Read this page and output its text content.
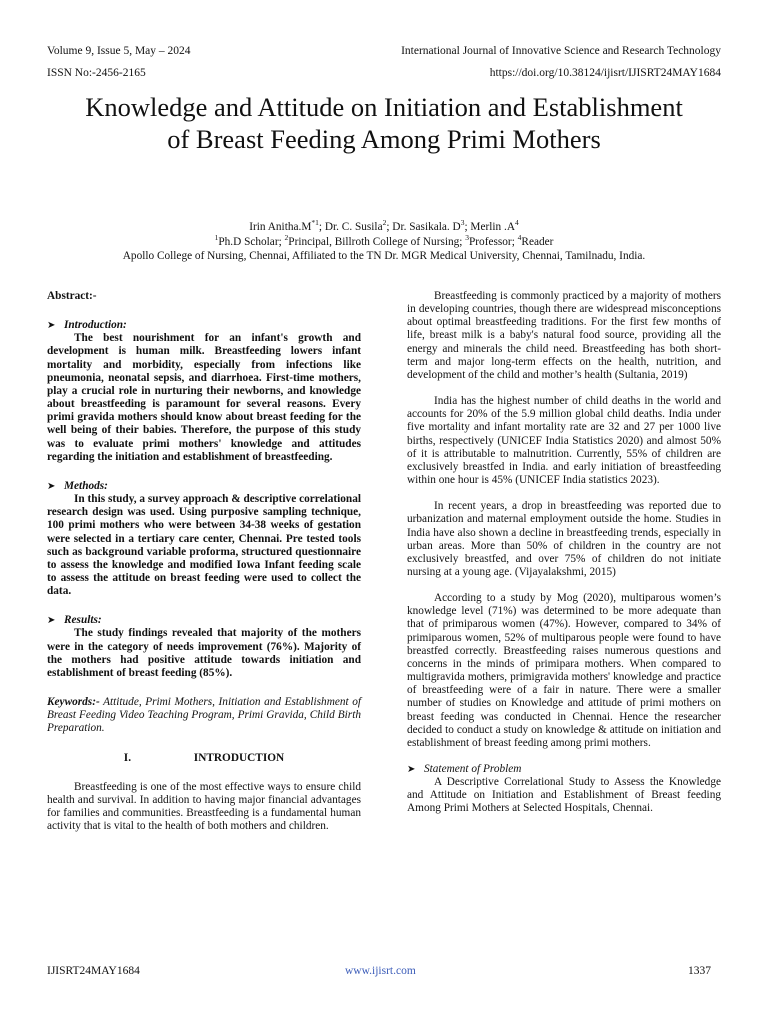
Volume 9, Issue 5, May – 2024	International Journal of Innovative Science and Research Technology
ISSN No:-2456-2165	https://doi.org/10.38124/ijisrt/IJISRT24MAY1684
Knowledge and Attitude on Initiation and Establishment of Breast Feeding Among Primi Mothers
Irin $Anitha.M^{*1}$; Dr. C. Susila$^2$; Dr. Sasikala. $D^3$; Merlin $.A^4$
$^1$Ph.D Scholar; $^2$Principal, Billroth College of Nursing; $^3$Professor; $^4$Reader
Apollo College of Nursing, Chennai, Affiliated to the TN Dr. MGR Medical University, Chennai, Tamilnadu, India.

Abstract:-

➤ Introduction:

The best nourishment for an infant's growth and development is human milk. Breastfeeding lowers infant mortality and morbidity, especially from infections like pneumonia, neonatal sepsis, and diarrhoea. First-time mothers, play a crucial role in nurturing their newborns, and knowledge about breastfeeding is paramount for several reasons. Every primi gravida mothers should know about breast feeding for the well being of their babies. Therefore, the purpose of this study was to evaluate primi mothers' knowledge and attitudes regarding the initiation and establishment of breastfeeding.

➤ Methods:

In this study, a survey approach & descriptive correlational research design was used. Using purposive sampling technique, 100 primi mothers who were between 34-38 weeks of gestation were selected in a tertiary care center, Chennai. Pre tested tools such as background variable proforma, structured questionnaire to assess the knowledge and modified Iowa Infant feeding scale to assess the attitude on breast feeding were used to collect the data.

➤ Results:

The study findings revealed that majority of the mothers were in the category of needs improvement (76%). Majority of the mothers had positive attitude towards initiation and establishment of breast feeding (85%).

Keywords:- Attitude, Primi Mothers, Initiation and Establishment of Breast Feeding Video Teaching Program, Primi Gravida, Child Birth Preparation.

I.	INTRODUCTION

Breastfeeding is one of the most effective ways to ensure child health and survival. In addition to having major financial advantages for families and communities. Breastfeeding is a fundamental human activity that is vital to the health of both mothers and children.

Breastfeeding is commonly practiced by a majority of mothers in developing countries, though there are widespread misconceptions about optimal breastfeeding traditions. For the first few months of life, breast milk is a baby's natural food source, providing all the energy and minerals the child need. Breastfeeding has both short-term and major long-term effects on the health, nutrition, and development of the child and mother’s health (Sultania, 2019)

India has the highest number of child deaths in the world and accounts for 20% of the 5.9 million global child deaths. India under five mortality and infant mortality rate are 32 and 27 per 1000 live births, respectively (UNICEF India Statistics 2020) and almost 50% of it is attributable to malnutrition. Currently, 55% of children are exclusively breastfed in India. and early initiation of breastfeeding within one hour is 45% (UNICEF India statistics 2023).

In recent years, a drop in breastfeeding was reported due to urbanization and maternal employment outside the home. Studies in India have also shown a decline in breastfeeding trends, especially in urban areas. More than 50% of children in the country are not exclusively breastfed, and over 75% of children do not initiate nursing at a young age. (Vijayalakshmi, 2015)

According to a study by Mog (2020), multiparous women’s knowledge level (71%) was determined to be more adequate than that of primiparous women (47%). However, compared to 34% of primiparous women, 52% of multiparous people were found to have breastfed correctly. Breastfeeding raises numerous questions and concerns in the minds of primipara mothers. When compared to multigravida mothers, primigravida mothers' knowledge and practice of breastfeeding were of a fair in nature. There were a smaller number of studies on Knowledge and attitude of primi mothers on breast feeding was conducted in Chennai. Hence the researcher decided to conduct a study on knowledge & attitude on initiation and establishment of breast feeding among primi mothers.

➤ Statement of Problem

A Descriptive Correlational Study to Assess the Knowledge and Attitude on Initiation and Establishment of Breast feeding Among Primi Mothers at Selected Hospitals, Chennai.

IJISRT24MAY1684	www.ijisrt.com	1337
